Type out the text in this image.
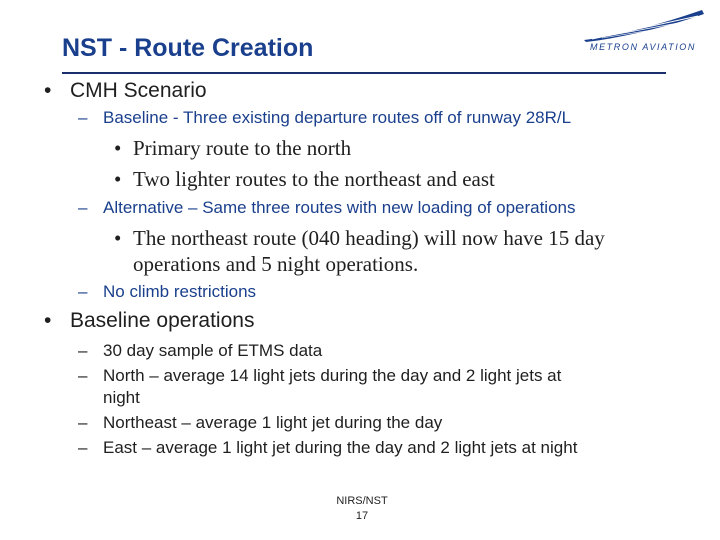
NST - Route Creation	METRON AVIATION
• CMH Scenario
– Baseline - Three existing departure routes off of runway 28R/L
• Primary route to the north
• Two lighter routes to the northeast and east
– Alternative – Same three routes with new loading of operations
• The northeast route (040 heading) will now have 15 day
operations and 5 night operations.
– No climb restrictions
• Baseline operations
– 30 day sample of ETMS data
– North – average 14 light jets during the day and 2 light jets at
night
– Northeast – average 1 light jet during the day
– East – average 1 light jet during the day and 2 light jets at night
NIRS/NST
17
